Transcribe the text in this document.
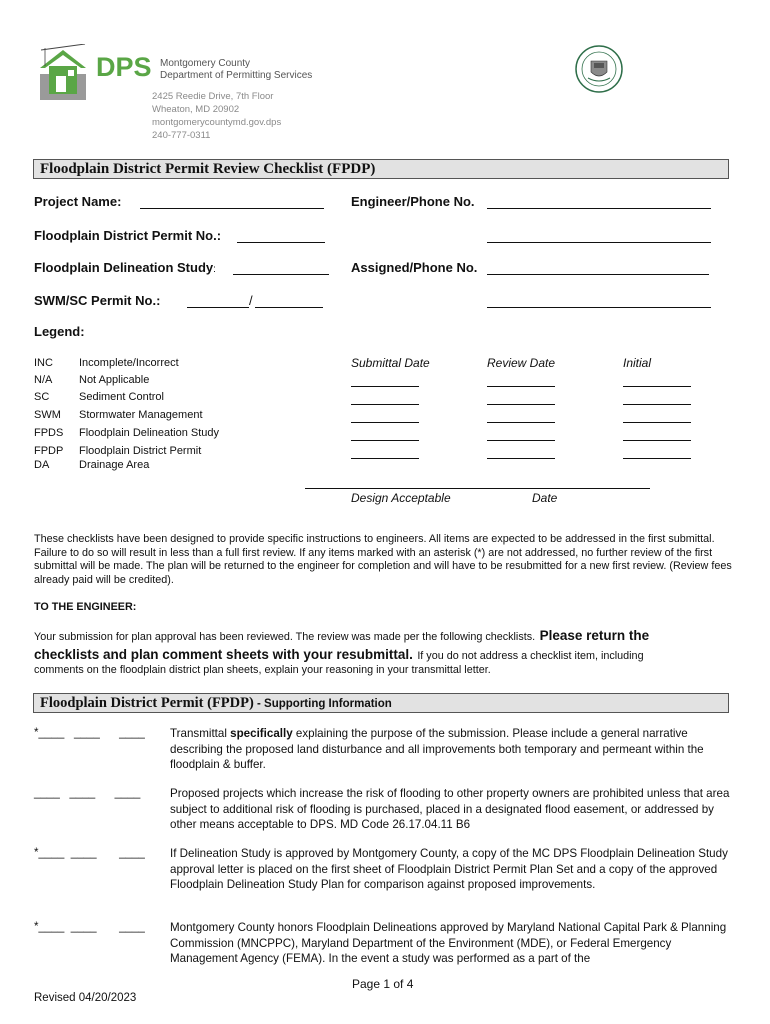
DPS Montgomery County
Department of Permitting Services
2425 Reedie Drive, 7th Floor
Wheaton, MD 20902
montgomerycountymd.gov.dps
240-777-0311
Floodplain District Permit Review Checklist (FPDP)
Project Name:	Engineer/Phone No.
Floodplain District Permit No.:
Floodplain Delineation Study:	Assigned/Phone No.
SWM/SC Permit No.:	/
Legend:
INC Incomplete/Incorrect
N/A Not Applicable
SC	Sediment Control
SWM Stormwater Management
FPDS Floodplain Delineation Study
FPDP Floodplain District Permit
DA	Drainage Area
Submittal Date	Review Date	Initial
Design Acceptable	Date
These checklists have been designed to provide specific instructions to engineers. All items are expected to be addressed in the first submittal. Failure to do so will result in less than a full first review. If any items marked with an asterisk (*) are not addressed, no further review of the first submittal will be made. The plan will be returned to the engineer for completion and will have to be resubmitted for a new first review. (Review fees already paid will be credited).
TO THE ENGINEER:
Your submission for plan approval has been reviewed. The review was made per the following checklists. Please return the
checklists and plan comment sheets with your resubmittal. If you do not address a checklist item, including
comments on the floodplain district plan sheets, explain your reasoning in your transmittal letter.
Floodplain District Permit (FPDP) - Supporting Information
*____   ____      ____ Transmittal specifically explaining the purpose of the submission. Please include a general narrative describing the proposed land disturbance and all improvements both temporary and permeant within the floodplain & buffer.
____   ____      ____	Proposed projects which increase the risk of flooding to other property owners are prohibited unless that area subject to additional risk of flooding is purchased, placed in a designated flood easement, or addressed by other means acceptable to DPS. MD Code 26.17.04.11 B6
*____  ____       ____ If Delineation Study is approved by Montgomery County, a copy of the MC DPS Floodplain Delineation Study approval letter is placed on the first sheet of Floodplain District Permit Plan Set and a copy of the approved Floodplain Delineation Study Plan for comparison against proposed improvements.
*____  ____       ____ Montgomery County honors Floodplain Delineations approved by Maryland National Capital Park & Planning Commission (MNCPPC), Maryland Department of the Environment (MDE), or Federal Emergency Management Agency (FEMA). In the event a study was performed as a part of the
Page 1 of 4
Revised 04/20/2023
